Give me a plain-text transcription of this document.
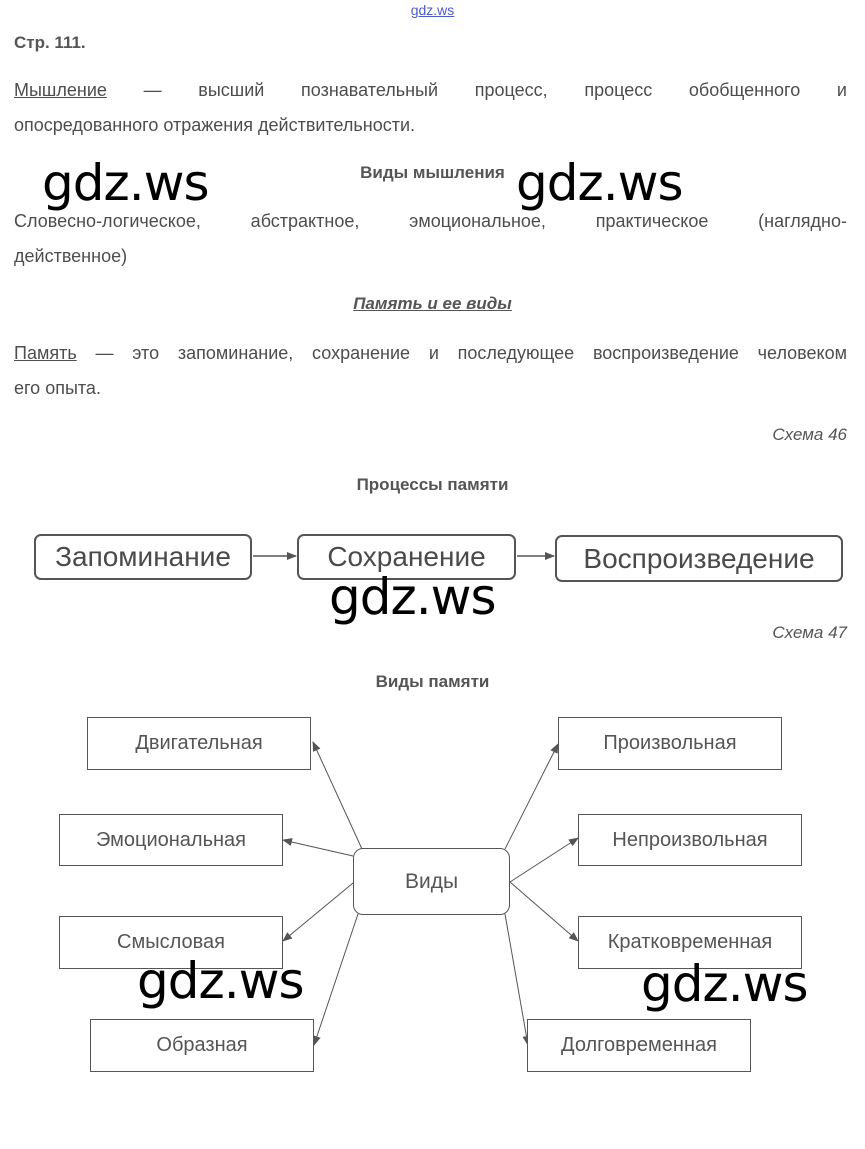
gdz.ws
Стр. 111.
Мышление — высший познавательный процесс, процесс обобщенного и
опосредованного отражения действительности.
Виды мышления
Словесно-логическое, абстрактное, эмоциональное, практическое (наглядно-
действенное)
Память и ее виды
Память — это запоминание, сохранение и последующее воспроизведение человеком
его опыта.
Схема 46
Процессы памяти
Запоминание	Сохранение	Воспроизведение
Схема 47
Виды памяти
Виды
Двигательная
Эмоциональная
Смысловая
Образная
Произвольная
Непроизвольная
Кратковременная
Долговременная
gdz.ws	gdz.ws
gdz.ws
gdz.ws	gdz.ws
